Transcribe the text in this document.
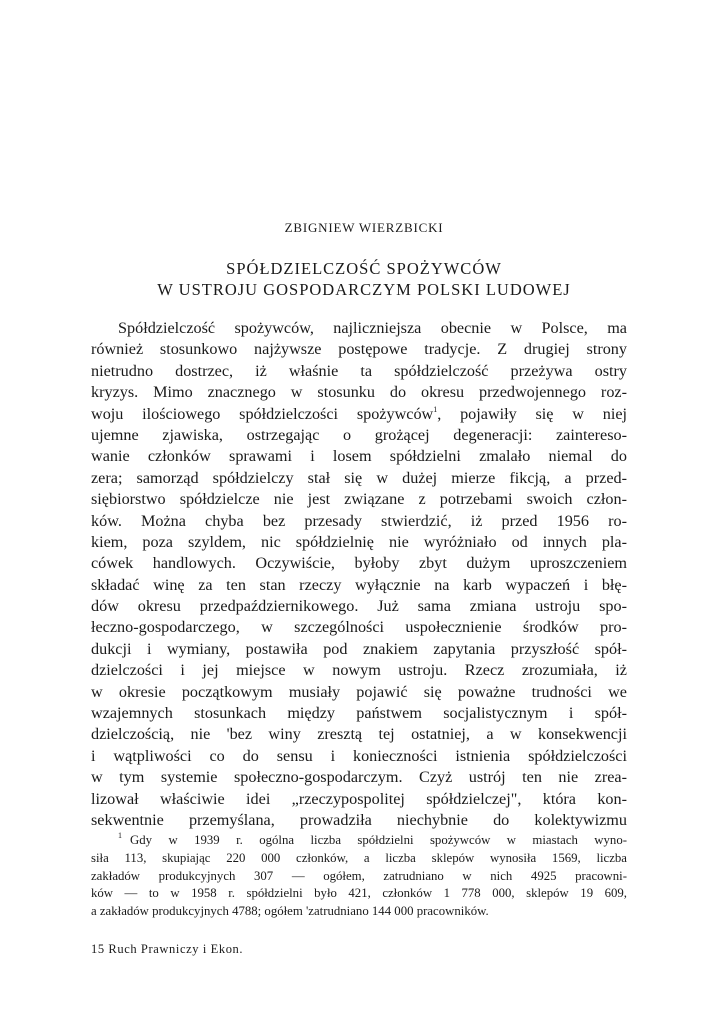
ZBIGNIEW WIERZBICKI
SPÓŁDZIELCZOŚĆ SPOŻYWCÓW
W USTROJU GOSPODARCZYM POLSKI LUDOWEJ
Spółdzielczość spożywców, najliczniejsza obecnie w Polsce, ma
również stosunkowo najżywsze postępowe tradycje. Z drugiej strony
nietrudno dostrzec, iż właśnie ta spółdzielczość przeżywa ostry
kryzys. Mimo znacznego w stosunku do okresu przedwojennego roz-
woju ilościowego spółdzielczości spożywców$^1$, pojawiły się w niej
ujemne zjawiska, ostrzegając o grożącej degeneracji: zaintereso-
wanie członków sprawami i losem spółdzielni zmalało niemal do
zera; samorząd spółdzielczy stał się w dużej mierze fikcją, a przed-
siębiorstwo spółdzielcze nie jest związane z potrzebami swoich człon-
ków. Można chyba bez przesady stwierdzić, iż przed 1956 ro-
kiem, poza szyldem, nic spółdzielnię nie wyróżniało od innych pla-
cówek handlowych. Oczywiście, byłoby zbyt dużym uproszczeniem
składać winę za ten stan rzeczy wyłącznie na karb wypaczeń i błę-
dów okresu przedpaździernikowego. Już sama zmiana ustroju spo-
łeczno-gospodarczego, w szczególności uspołecznienie środków pro-
dukcji i wymiany, postawiła pod znakiem zapytania przyszłość spół-
dzielczości i jej miejsce w nowym ustroju. Rzecz zrozumiała, iż
w okresie początkowym musiały pojawić się poważne trudności we
wzajemnych stosunkach między państwem socjalistycznym i spół-
dzielczością, nie 'bez winy zresztą tej ostatniej, a w konsekwencji
i wątpliwości co do sensu i konieczności istnienia spółdzielczości
w tym systemie społeczno-gospodarczym. Czyż ustrój ten nie zrea-
lizował właściwie idei „rzeczypospolitej spółdzielczej", która kon-
sekwentnie przemyślana, prowadziła niechybnie do kolektywizmu
$^1$ Gdy w 1939 r. ogólna liczba spółdzielni spożywców w miastach wyno-
siła 113, skupiając 220 000 członków, a liczba sklepów wynosiła 1569, liczba
zakładów produkcyjnych 307 — ogółem, zatrudniano w nich 4925 pracowni-
ków — to w 1958 r. spółdzielni było 421, członków 1 778 000, sklepów 19 609,
a zakładów produkcyjnych 4788; ogółem 'zatrudniano 144 000 pracowników.
15 Ruch Prawniczy i Ekon.
